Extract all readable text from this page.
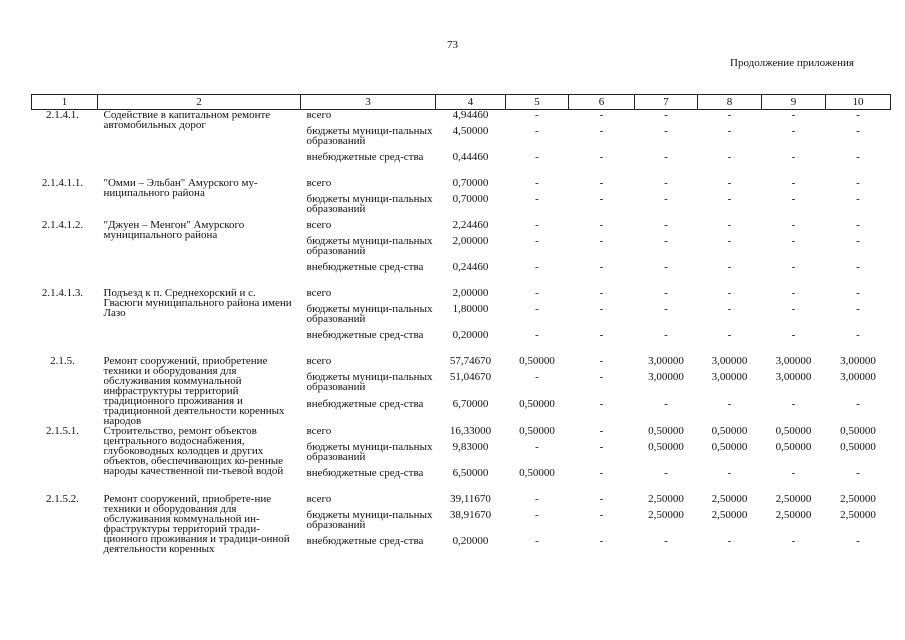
73
Продолжение приложения
1	2	3	4	5	6	7	8	9	10
2.1.4.1.	Содействие в капитальном ремонте автомобильных дорог	всего	4,94460	-	-	-	-	-	-
		бюджеты муници-пальных образований	4,50000	-	-	-	-	-	-
		внебюджетные сред-ства	0,44460	-	-	-	-	-	-
2.1.4.1.1.	"Омми – Эльбан" Амурского му-ниципального района	всего	0,70000	-	-	-	-	-	-
		бюджеты муници-пальных образований	0,70000	-	-	-	-	-	-
2.1.4.1.2.	"Джуен – Менгон" Амурского муниципального района	всего	2,24460	-	-	-	-	-	-
		бюджеты муници-пальных образований	2,00000	-	-	-	-	-	-
		внебюджетные сред-ства	0,24460	-	-	-	-	-	-
2.1.4.1.3.	Подъезд к п. Среднехорский и с. Гвасюги муниципального района имени Лазо	всего	2,00000	-	-	-	-	-	-
		бюджеты муници-пальных образований	1,80000	-	-	-	-	-	-
		внебюджетные сред-ства	0,20000	-	-	-	-	-	-
2.1.5.	Ремонт сооружений, приобретение техники и оборудования для обслуживания коммунальной инфраструктуры территорий традиционного проживания и традиционной деятельности коренных народов	всего	57,74670	0,50000	-	3,00000	3,00000	3,00000	3,00000
		бюджеты муници-пальных образований	51,04670	-	-	3,00000	3,00000	3,00000	3,00000
		внебюджетные сред-ства	6,70000	0,50000	-	-	-	-	-
2.1.5.1.	Строительство, ремонт объектов центрального водоснабжения, глубоководных колодцев и других объектов, обеспечивающих ко-ренные народы качественной пи-тьевой водой	всего	16,33000	0,50000	-	0,50000	0,50000	0,50000	0,50000
		бюджеты муници-пальных образований	9,83000	-	-	0,50000	0,50000	0,50000	0,50000
		внебюджетные сред-ства	6,50000	0,50000	-	-	-	-	-
2.1.5.2.	Ремонт сооружений, приобрете-ние техники и оборудования для обслуживания коммунальной ин-фраструктуры территорий тради-ционного проживания и традици-онной деятельности коренных	всего	39,11670	-	-	2,50000	2,50000	2,50000	2,50000
		бюджеты муници-пальных образований	38,91670	-	-	2,50000	2,50000	2,50000	2,50000
		внебюджетные сред-ства	0,20000	-	-	-	-	-	-
